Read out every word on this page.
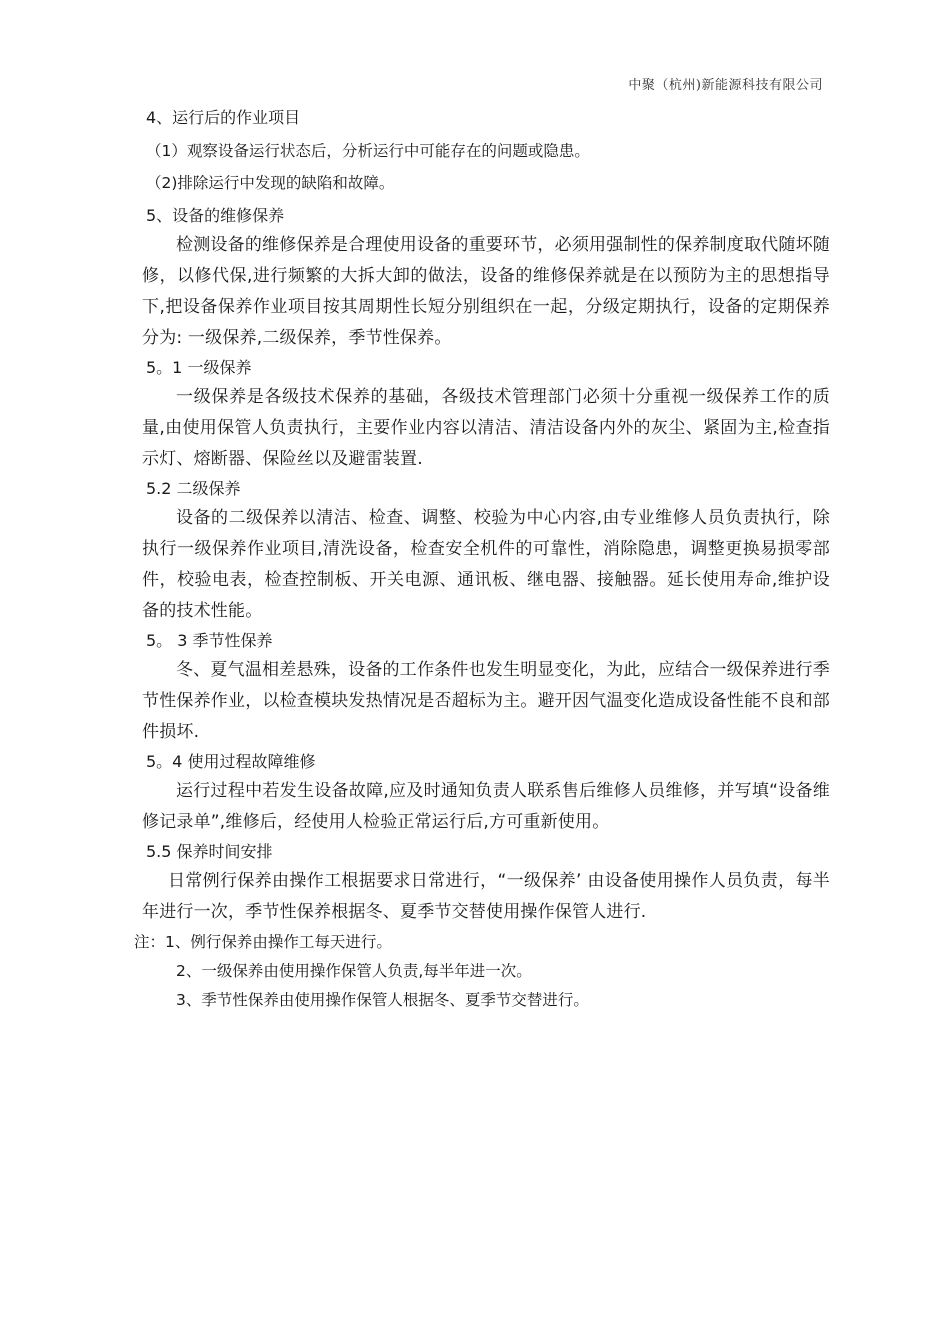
中聚（杭州)新能源科技有限公司

4、运行后的作业项目

（1）观察设备运行状态后，分析运行中可能存在的问题或隐患。

（2)排除运行中发现的缺陷和故障。

5、设备的维修保养

检测设备的维修保养是合理使用设备的重要环节，必须用强制性的保养制度取代随坏随修，以修代保,进行频繁的大拆大卸的做法，设备的维修保养就是在以预防为主的思想指导下,把设备保养作业项目按其周期性长短分别组织在一起，分级定期执行，设备的定期保养分为: 一级保养,二级保养，季节性保养。

5。1 一级保养

一级保养是各级技术保养的基础，各级技术管理部门必须十分重视一级保养工作的质量,由使用保管人负责执行，主要作业内容以清洁、清洁设备内外的灰尘、紧固为主,检查指示灯、熔断器、保险丝以及避雷装置.

5.2 二级保养

设备的二级保养以清洁、检查、调整、校验为中心内容,由专业维修人员负责执行，除执行一级保养作业项目,清洗设备，检查安全机件的可靠性，消除隐患，调整更换易损零部件，校验电表，检查控制板、开关电源、通讯板、继电器、接触器。延长使用寿命,维护设备的技术性能。

5。 3 季节性保养

冬、夏气温相差悬殊，设备的工作条件也发生明显变化，为此，应结合一级保养进行季节性保养作业，以检查模块发热情况是否超标为主。避开因气温变化造成设备性能不良和部件损坏.

5。4 使用过程故障维修

运行过程中若发生设备故障,应及时通知负责人联系售后维修人员维修，并写填“设备维修记录单”,维修后，经使用人检验正常运行后,方可重新使用。

5.5 保养时间安排

日常例行保养由操作工根据要求日常进行，“一级保养’ 由设备使用操作人员负责，每半年进行一次，季节性保养根据冬、夏季节交替使用操作保管人进行.

注：1、例行保养由操作工每天进行。

2、一级保养由使用操作保管人负责,每半年进一次。

3、季节性保养由使用操作保管人根据冬、夏季节交替进行。
